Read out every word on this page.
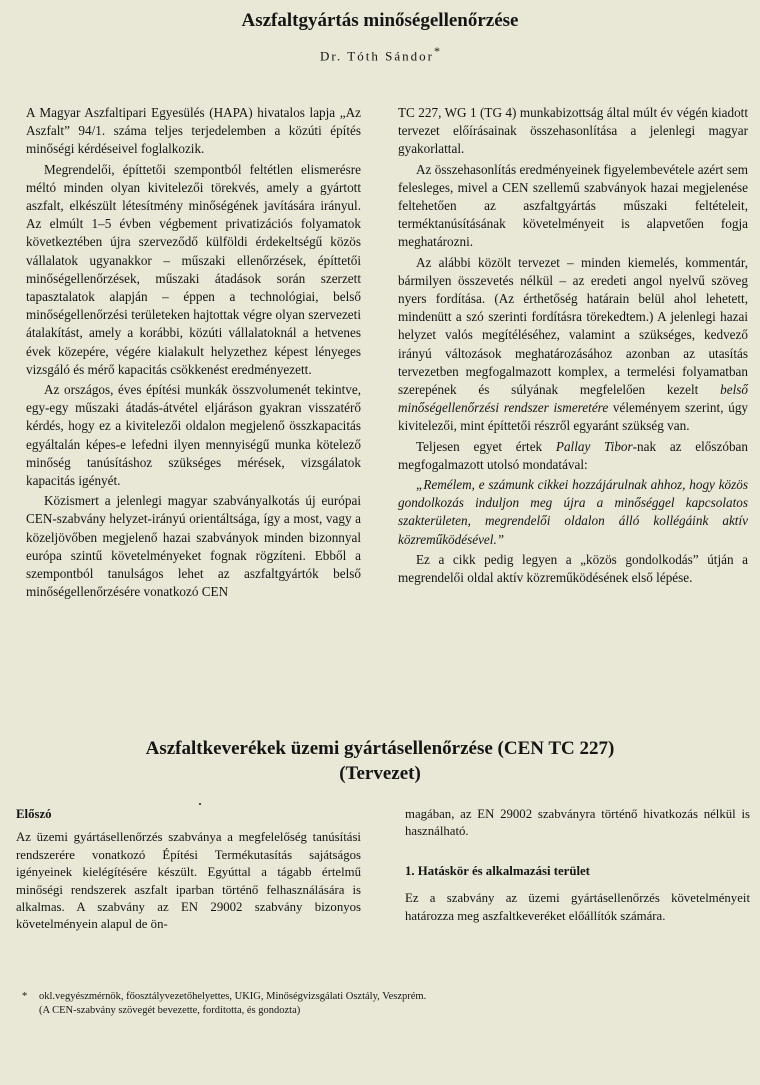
Aszfaltgyártás minőségellenőrzése
Dr. Tóth Sándor*

A Magyar Aszfaltipari Egyesülés (HAPA) hivatalos lapja „Az Aszfalt” 94/1. száma teljes terjedelemben a közúti építés minőségi kérdéseivel foglalkozik.

Megrendelői, építtetői szempontból feltétlen elismerésre méltó minden olyan kivitelezői törekvés, amely a gyártott aszfalt, elkészült létesítmény minőségének javítására irányul. Az elmúlt 1–5 évben végbement privatizációs folyamatok következtében újra szerveződő külföldi érdekeltségű közös vállalatok ugyanakkor – műszaki ellenőrzések, építtetői minőségellenőrzések, műszaki átadások során szerzett tapasztalatok alapján – éppen a technológiai, belső minőségellenőrzési területeken hajtottak végre olyan szervezeti átalakítást, amely a korábbi, közúti vállalatoknál a hetvenes évek közepére, végére kialakult helyzethez képest lényeges vizsgáló és mérő kapacitás csökkenést eredményezett.

Az országos, éves építési munkák összvolumenét tekintve, egy-egy műszaki átadás-átvétel eljáráson gyakran visszatérő kérdés, hogy ez a kivitelezői oldalon megjelenő összkapacitás egyáltalán képes-e lefedni ilyen mennyiségű munka kötelező minőség tanúsításhoz szükséges mérések, vizsgálatok kapacitás igényét.

Közismert a jelenlegi magyar szabványalkotás új európai CEN-szabvány helyzet-irányú orientáltsága, így a most, vagy a közeljövőben megjelenő hazai szabványok minden bizonnyal európa szintű követelményeket fognak rögzíteni. Ebből a szempontból tanulságos lehet az aszfaltgyártók belső minőségellenőrzésére vonatkozó CEN

TC 227, WG 1 (TG 4) munkabizottság által múlt év végén kiadott tervezet előírásainak összehasonlítása a jelenlegi magyar gyakorlattal.

Az összehasonlítás eredményeinek figyelembevétele azért sem felesleges, mivel a CEN szellemű szabványok hazai megjelenése feltehetően az aszfaltgyártás műszaki feltételeit, terméktanúsításának követelményeit is alapvetően fogja meghatározni.

Az alábbi közölt tervezet – minden kiemelés, kommentár, bármilyen összevetés nélkül – az eredeti angol nyelvű szöveg nyers fordítása. (Az érthetőség határain belül ahol lehetett, mindenütt a szó szerinti fordításra törekedtem.) A jelenlegi hazai helyzet valós megítéléséhez, valamint a szükséges, kedvező irányú változások meghatározásához azonban az utasítás tervezetben megfogalmazott komplex, a termelési folyamatban szerepének és súlyának megfelelően kezelt belső minőségellenőrzési rendszer ismeretére véleményem szerint, úgy kivitelezői, mint építtetői részről egyaránt szükség van.

Teljesen egyet értek Pallay Tibor-nak az előszóban megfogalmazott utolsó mondatával:

„Remélem, e számunk cikkei hozzájárulnak ahhoz, hogy közös gondolkozás induljon meg újra a minőséggel kapcsolatos szakterületen, megrendelői oldalon álló kollégáink aktív közreműködésével.”

Ez a cikk pedig legyen a „közös gondolkodás” útján a megrendelői oldal aktív közreműködésének első lépése.

Aszfaltkeverékek üzemi gyártásellenőrzése (CEN TC 227)
(Tervezet)

Előszó

Az üzemi gyártásellenőrzés szabványa a megfelelőség tanúsítási rendszerére vonatkozó Építési Termékutasítás sajátságos igényeinek kielégítésére készült. Egyúttal a tágabb értelmű minőségi rendszerek aszfalt iparban történő felhasználására is alkalmas. A szabvány az EN 29002 szabvány bizonyos követelményein alapul de ön-

magában, az EN 29002 szabványra történő hivatkozás nélkül is használható.

1. Hatáskör és alkalmazási terület

Ez a szabvány az üzemi gyártásellenőrzés követelményeit határozza meg aszfaltkeveréket előállítók számára.

* okl.vegyészmérnök, főosztályvezetőhelyettes, UKIG, Minőségvizsgálati Osztály, Veszprém.
(A CEN-szabvány szövegét bevezette, fordította, és gondozta)
